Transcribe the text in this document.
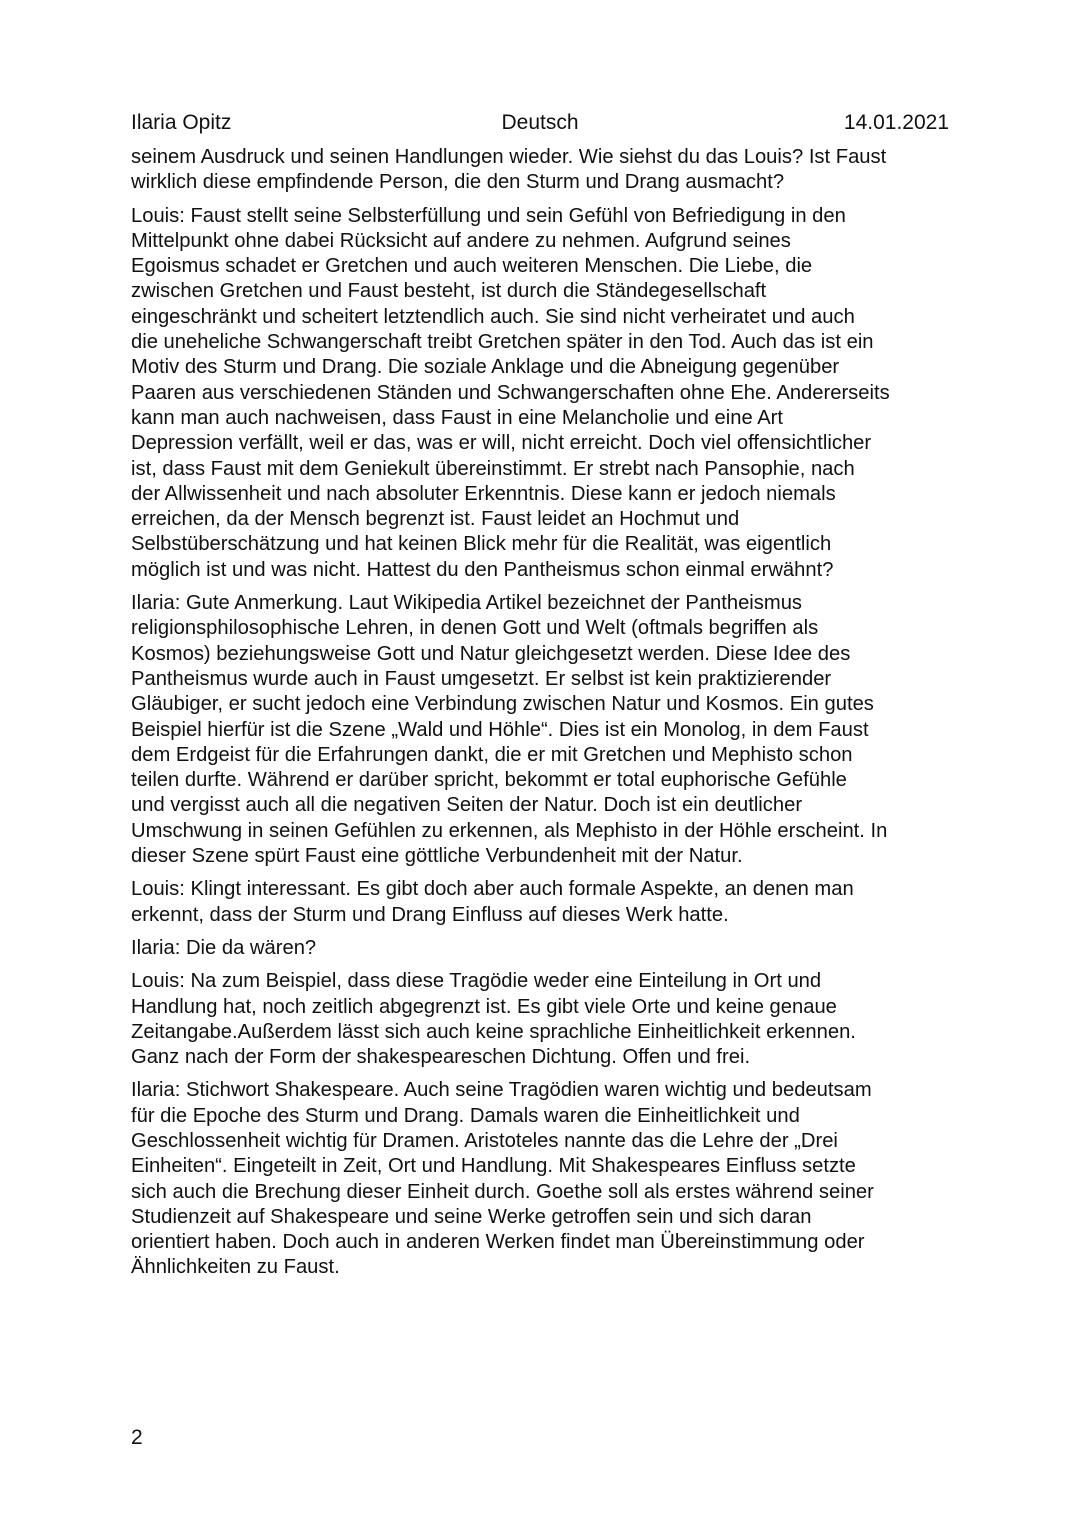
Ilaria Opitz	Deutsch	14.01.2021
seinem Ausdruck und seinen Handlungen wieder. Wie siehst du das Louis? Ist Faust
wirklich diese empfindende Person, die den Sturm und Drang ausmacht?
Louis: Faust stellt seine Selbsterfüllung und sein Gefühl von Befriedigung in den
Mittelpunkt ohne dabei Rücksicht auf andere zu nehmen. Aufgrund seines
Egoismus schadet er Gretchen und auch weiteren Menschen. Die Liebe, die
zwischen Gretchen und Faust besteht, ist durch die Ständegesellschaft
eingeschränkt und scheitert letztendlich auch. Sie sind nicht verheiratet und auch
die uneheliche Schwangerschaft treibt Gretchen später in den Tod. Auch das ist ein
Motiv des Sturm und Drang. Die soziale Anklage und die Abneigung gegenüber
Paaren aus verschiedenen Ständen und Schwangerschaften ohne Ehe. Andererseits
kann man auch nachweisen, dass Faust in eine Melancholie und eine Art
Depression verfällt, weil er das, was er will, nicht erreicht. Doch viel offensichtlicher
ist, dass Faust mit dem Geniekult übereinstimmt. Er strebt nach Pansophie, nach
der Allwissenheit und nach absoluter Erkenntnis. Diese kann er jedoch niemals
erreichen, da der Mensch begrenzt ist. Faust leidet an Hochmut und
Selbstüberschätzung und hat keinen Blick mehr für die Realität, was eigentlich
möglich ist und was nicht. Hattest du den Pantheismus schon einmal erwähnt?
Ilaria: Gute Anmerkung. Laut Wikipedia Artikel bezeichnet der Pantheismus
religionsphilosophische Lehren, in denen Gott und Welt (oftmals begriffen als
Kosmos) beziehungsweise Gott und Natur gleichgesetzt werden. Diese Idee des
Pantheismus wurde auch in Faust umgesetzt. Er selbst ist kein praktizierender
Gläubiger, er sucht jedoch eine Verbindung zwischen Natur und Kosmos. Ein gutes
Beispiel hierfür ist die Szene „Wald und Höhle“. Dies ist ein Monolog, in dem Faust
dem Erdgeist für die Erfahrungen dankt, die er mit Gretchen und Mephisto schon
teilen durfte. Während er darüber spricht, bekommt er total euphorische Gefühle
und vergisst auch all die negativen Seiten der Natur. Doch ist ein deutlicher
Umschwung in seinen Gefühlen zu erkennen, als Mephisto in der Höhle erscheint. In
dieser Szene spürt Faust eine göttliche Verbundenheit mit der Natur.
Louis: Klingt interessant. Es gibt doch aber auch formale Aspekte, an denen man
erkennt, dass der Sturm und Drang Einfluss auf dieses Werk hatte.
Ilaria: Die da wären?
Louis: Na zum Beispiel, dass diese Tragödie weder eine Einteilung in Ort und
Handlung hat, noch zeitlich abgegrenzt ist. Es gibt viele Orte und keine genaue
Zeitangabe.Außerdem lässt sich auch keine sprachliche Einheitlichkeit erkennen.
Ganz nach der Form der shakespeareschen Dichtung. Offen und frei.
Ilaria: Stichwort Shakespeare. Auch seine Tragödien waren wichtig und bedeutsam
für die Epoche des Sturm und Drang. Damals waren die Einheitlichkeit und
Geschlossenheit wichtig für Dramen. Aristoteles nannte das die Lehre der „Drei
Einheiten“. Eingeteilt in Zeit, Ort und Handlung. Mit Shakespeares Einfluss setzte
sich auch die Brechung dieser Einheit durch. Goethe soll als erstes während seiner
Studienzeit auf Shakespeare und seine Werke getroffen sein und sich daran
orientiert haben. Doch auch in anderen Werken findet man Übereinstimmung oder
Ähnlichkeiten zu Faust.
2
